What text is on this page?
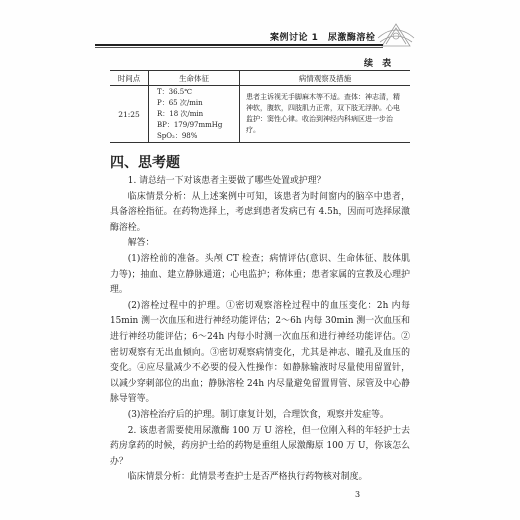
案例讨论 1　尿激酶溶栓
续 表
时间点	生命体征	病情观察及措施
21:25	T：36.5℃
P：65 次/min
R：18 次/min
BP：179/97mmHg
SpO₂：98%	患者主诉视无手脚麻木等不适。查体：神志清，精神软，腹软，四肢肌力正常，双下肢无浮肿。心电监护：窦性心律。收治到神经内科病区进一步治疗。
四、思考题

1. 请总结一下对该患者主要做了哪些处置或护理？

临床情景分析：从上述案例中可知，该患者为时间窗内的脑卒中患者，具备溶栓指征。在药物选择上，考虑到患者发病已有 4.5h，因而可选择尿激酶溶栓。

解答：

(1)溶栓前的准备。头颅 CT 检查；病情评估(意识、生命体征、肢体肌力等)；抽血、建立静脉通道；心电监护；称体重；患者家属的宣教及心理护理。

(2)溶栓过程中的护理。①密切观察溶栓过程中的血压变化：2h 内每 15min 测一次血压和进行神经功能评估；2～6h 内每 30min 测一次血压和进行神经功能评估；6～24h 内每小时测一次血压和进行神经功能评估。②密切观察有无出血倾向。③密切观察病情变化，尤其是神志、瞳孔及血压的变化。④应尽量减少不必要的侵入性操作：如静脉输液时尽量使用留置针，以减少穿刺部位的出血；静脉溶栓 24h 内尽量避免留置胃管、尿管及中心静脉导管等。

(3)溶栓治疗后的护理。制订康复计划，合理饮食，观察并发症等。

2. 该患者需要使用尿激酶 100 万 U 溶栓，但一位刚入科的年轻护士去药房拿药的时候，药房护士给的药物是重组人尿激酶原 100 万 U，你该怎么办？

临床情景分析：此情景考查护士是否严格执行药物核对制度。

3
